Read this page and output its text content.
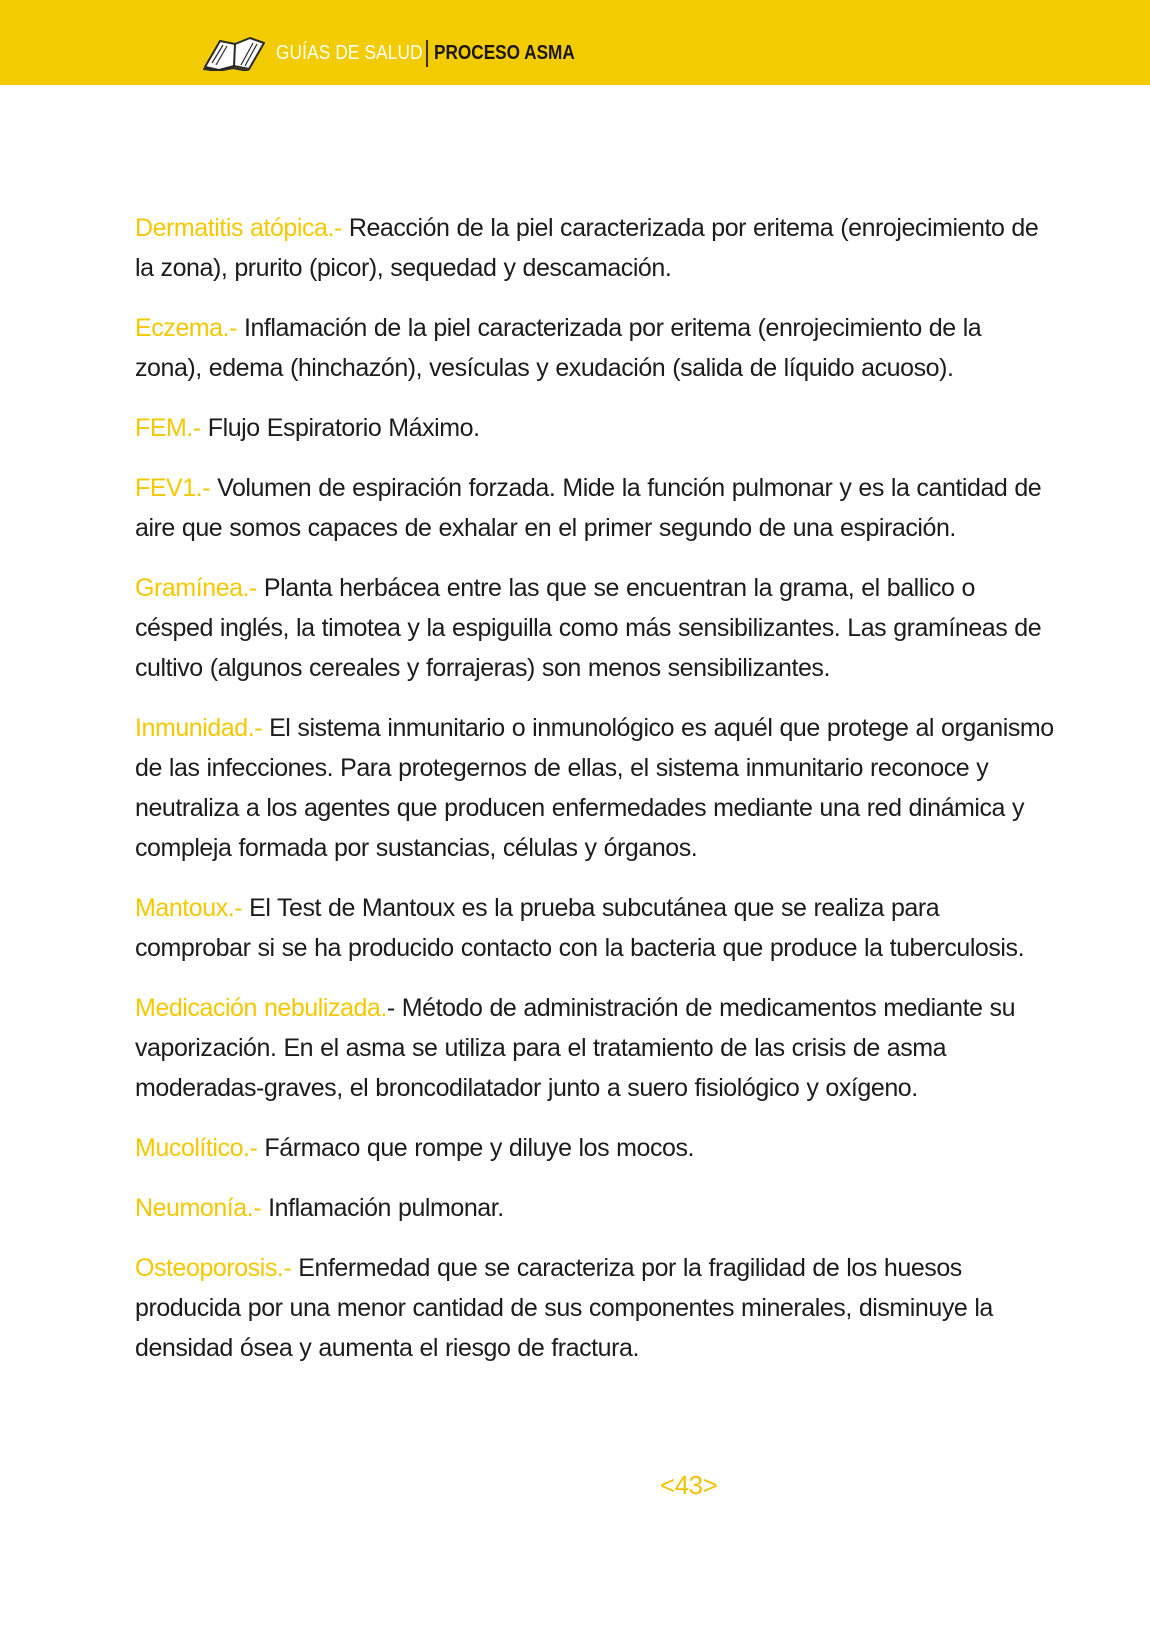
GUÍAS DE SALUD PROCESO ASMA

Dermatitis atópica.- Reacción de la piel caracterizada por eritema (enrojecimiento de la zona), prurito (picor), sequedad y descamación.

Eczema.- Inflamación de la piel caracterizada por eritema (enrojecimiento de la zona), edema (hinchazón), vesículas y exudación (salida de líquido acuoso).

FEM.- Flujo Espiratorio Máximo.

FEV1.- Volumen de espiración forzada. Mide la función pulmonar y es la cantidad de aire que somos capaces de exhalar en el primer segundo de una espiración.

Gramínea.- Planta herbácea entre las que se encuentran la grama, el ballico o césped inglés, la timotea y la espiguilla como más sensibilizantes. Las gramíneas de cultivo (algunos cereales y forrajeras) son menos sensibilizantes.

Inmunidad.- El sistema inmunitario o inmunológico es aquél que protege al organismo de las infecciones. Para protegernos de ellas, el sistema inmunitario reconoce y neutraliza a los agentes que producen enfermedades mediante una red dinámica y compleja formada por sustancias, células y órganos.

Mantoux.- El Test de Mantoux es la prueba subcutánea que se realiza para comprobar si se ha producido contacto con la bacteria que produce la tuberculosis.

Medicación nebulizada.- Método de administración de medicamentos mediante su vaporización. En el asma se utiliza para el tratamiento de las crisis de asma moderadas-graves, el broncodilatador junto a suero fisiológico y oxígeno.

Mucolítico.- Fármaco que rompe y diluye los mocos.

Neumonía.- Inflamación pulmonar.

Osteoporosis.- Enfermedad que se caracteriza por la fragilidad de los huesos producida por una menor cantidad de sus componentes minerales, disminuye la densidad ósea y aumenta el riesgo de fractura.

<43>
